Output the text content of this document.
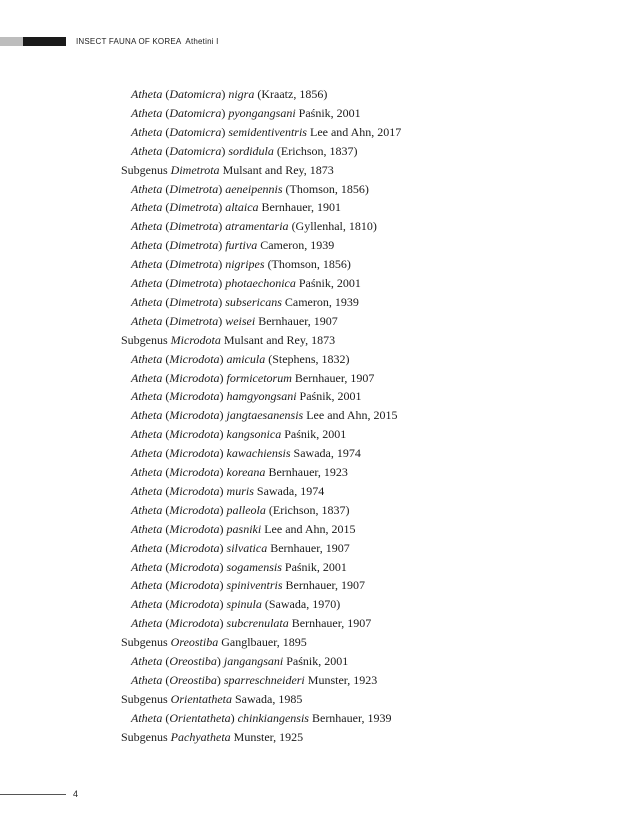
INSECT FAUNA OF KOREA Athetini I
Atheta (Datomicra) nigra (Kraatz, 1856)
Atheta (Datomicra) pyongangsani Paśnik, 2001
Atheta (Datomicra) semidentiventris Lee and Ahn, 2017
Atheta (Datomicra) sordidula (Erichson, 1837)
Subgenus Dimetrota Mulsant and Rey, 1873
Atheta (Dimetrota) aeneipennis (Thomson, 1856)
Atheta (Dimetrota) altaica Bernhauer, 1901
Atheta (Dimetrota) atramentaria (Gyllenhal, 1810)
Atheta (Dimetrota) furtiva Cameron, 1939
Atheta (Dimetrota) nigripes (Thomson, 1856)
Atheta (Dimetrota) photaechonica Paśnik, 2001
Atheta (Dimetrota) subsericans Cameron, 1939
Atheta (Dimetrota) weisei Bernhauer, 1907
Subgenus Microdota Mulsant and Rey, 1873
Atheta (Microdota) amicula (Stephens, 1832)
Atheta (Microdota) formicetorum Bernhauer, 1907
Atheta (Microdota) hamgyongsani Paśnik, 2001
Atheta (Microdota) jangtaesanensis Lee and Ahn, 2015
Atheta (Microdota) kangsonica Paśnik, 2001
Atheta (Microdota) kawachiensis Sawada, 1974
Atheta (Microdota) koreana Bernhauer, 1923
Atheta (Microdota) muris Sawada, 1974
Atheta (Microdota) palleola (Erichson, 1837)
Atheta (Microdota) pasniki Lee and Ahn, 2015
Atheta (Microdota) silvatica Bernhauer, 1907
Atheta (Microdota) sogamensis Paśnik, 2001
Atheta (Microdota) spiniventris Bernhauer, 1907
Atheta (Microdota) spinula (Sawada, 1970)
Atheta (Microdota) subcrenulata Bernhauer, 1907
Subgenus Oreostiba Ganglbauer, 1895
Atheta (Oreostiba) jangangsani Paśnik, 2001
Atheta (Oreostiba) sparreschneideri Munster, 1923
Subgenus Orientatheta Sawada, 1985
Atheta (Orientatheta) chinkiangensis Bernhauer, 1939
Subgenus Pachyatheta Munster, 1925
4
